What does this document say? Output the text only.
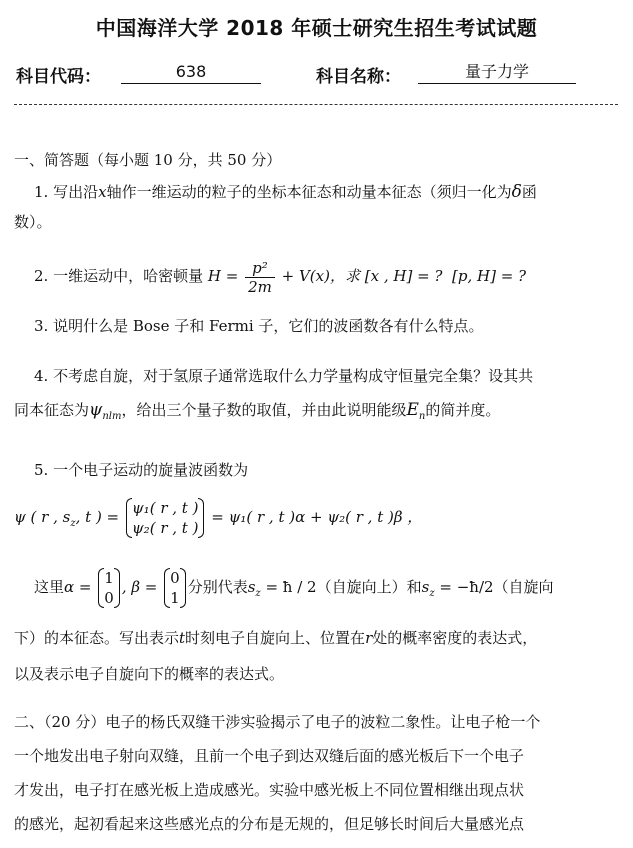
中国海洋大学 2018 年硕士研究生招生考试试题
科目代码：	638	科目名称：	量子力学
一、简答题（每小题 10 分，共 50 分）
1. 写出沿x轴作一维运动的粒子的坐标本征态和动量本征态（须归一化为δ函
数）。
2. 一维运动中，哈密顿量 $H = \frac{\text{p²}}{2m} + V(x)$，求 [x , H] = ? [p, H] = ?
3. 说明什么是 Bose 子和 Fermi 子，它们的波函数各有什么特点。
4. 不考虑自旋，对于氢原子通常选取什么力学量构成守恒量完全集？设其共
同本征态为$\psi_{nlm}$，给出三个量子数的取值，并由此说明能级$E_n$的简并度。
5. 一个电子运动的旋量波函数为
ψ ( r , $s_z$, t ) = ψ₁( r , t )
ψ₂( r , t )
= ψ₁( r , t )α + ψ₂( r , t )β ，
这里α = 1
0
, β = 0
1
分别代表$s_z$ = ħ / 2（自旋向上）和$s_z$ = −ħ/2（自旋向
下）的本征态。写出表示t时刻电子自旋向上、位置在r处的概率密度的表达式，
以及表示电子自旋向下的概率的表达式。
二、（20 分）电子的杨氏双缝干涉实验揭示了电子的波粒二象性。让电子枪一个
一个地发出电子射向双缝，且前一个电子到达双缝后面的感光板后下一个电子
才发出，电子打在感光板上造成感光。实验中感光板上不同位置相继出现点状
的感光，起初看起来这些感光点的分布是无规的，但足够长时间后大量感光点
